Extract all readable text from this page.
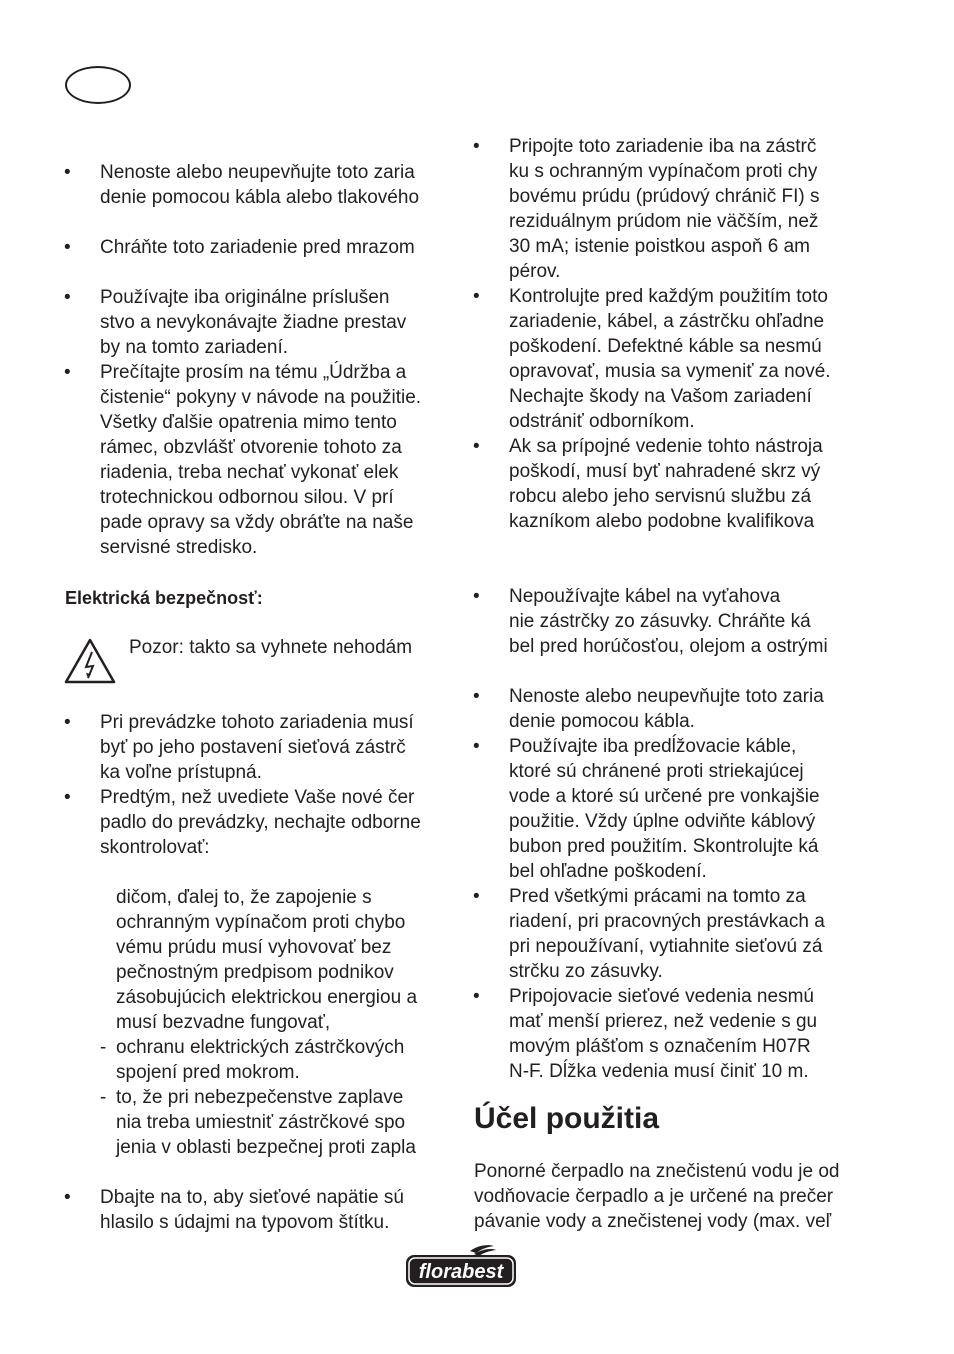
• Nenoste alebo neupevňujte toto zaria
denie pomocou kábla alebo tlakového
• Chráňte toto zariadenie pred mrazom
• Používajte iba originálne príslušen
stvo a nevykonávajte žiadne prestav
by na tomto zariadení.
• Prečítajte prosím na tému „Údržba a
čistenie“ pokyny v návode na použitie.
Všetky ďalšie opatrenia mimo tento
rámec, obzvlášť otvorenie tohoto za
riadenia, treba nechať vykonať elek
trotechnickou odbornou silou. V prí
pade opravy sa vždy obráťte na naše
servisné stredisko.
• Pri prevádzke tohoto zariadenia musí
byť po jeho postavení sieťová zástrč
ka voľne prístupná.
• Predtým, než uvediete Vaše nové čer
padlo do prevádzky, nechajte odborne
skontrolovať:
dičom, ďalej to, že zapojenie s
ochranným vypínačom proti chybo
vému prúdu musí vyhovovať bez
pečnostným predpisom podnikov
zásobujúcich elektrickou energiou a
musí bezvadne fungovať,
- ochranu elektrických zástrčkových
spojení pred mokrom.
- to, že pri nebezpečenstve zaplave
nia treba umiestniť zástrčkové spo
jenia v oblasti bezpečnej proti zapla
• Dbajte na to, aby sieťové napätie sú
hlasilo s údajmi na typovom štítku.
• Pripojte toto zariadenie iba na zástrč
ku s ochranným vypínačom proti chy
bovému prúdu (prúdový chránič FI) s
reziduálnym prúdom nie väčším, než
30 mA; istenie poistkou aspoň 6 am
pérov.
• Kontrolujte pred každým použitím toto
zariadenie, kábel, a zástrčku ohľadne
poškodení. Defektné káble sa nesmú
opravovať, musia sa vymeniť za nové.
Nechajte škody na Vašom zariadení
odstrániť odborníkom.
• Ak sa prípojné vedenie tohto nástroja
poškodí, musí byť nahradené skrz vý
robcu alebo jeho servisnú službu zá
kazníkom alebo podobne kvalifikova
• Nepoužívajte kábel na vyťahova
nie zástrčky zo zásuvky. Chráňte ká
bel pred horúčosťou, olejom a ostrými
• Nenoste alebo neupevňujte toto zaria
denie pomocou kábla.
• Používajte iba predĺžovacie káble,
ktoré sú chránené proti striekajúcej
vode a ktoré sú určené pre vonkajšie
použitie. Vždy úplne odviňte káblový
bubon pred použitím. Skontrolujte ká
bel ohľadne poškodení.
• Pred všetkými prácami na tomto za
riadení, pri pracovných prestávkach a
pri nepoužívaní, vytiahnite sieťovú zá
strčku zo zásuvky.
• Pripojovacie sieťové vedenia nesmú
mať menší prierez, než vedenie s gu
movým plášťom s označením H07R
N-F. Dĺžka vedenia musí činiť 10 m.
Ponorné čerpadlo na znečistenú vodu je od
vodňovacie čerpadlo a je určené na prečer
pávanie vody a znečistenej vody (max. veľ
Elektrická bezpečnosť:
Pozor: takto sa vyhnete nehodám
Účel použitia
florabest
